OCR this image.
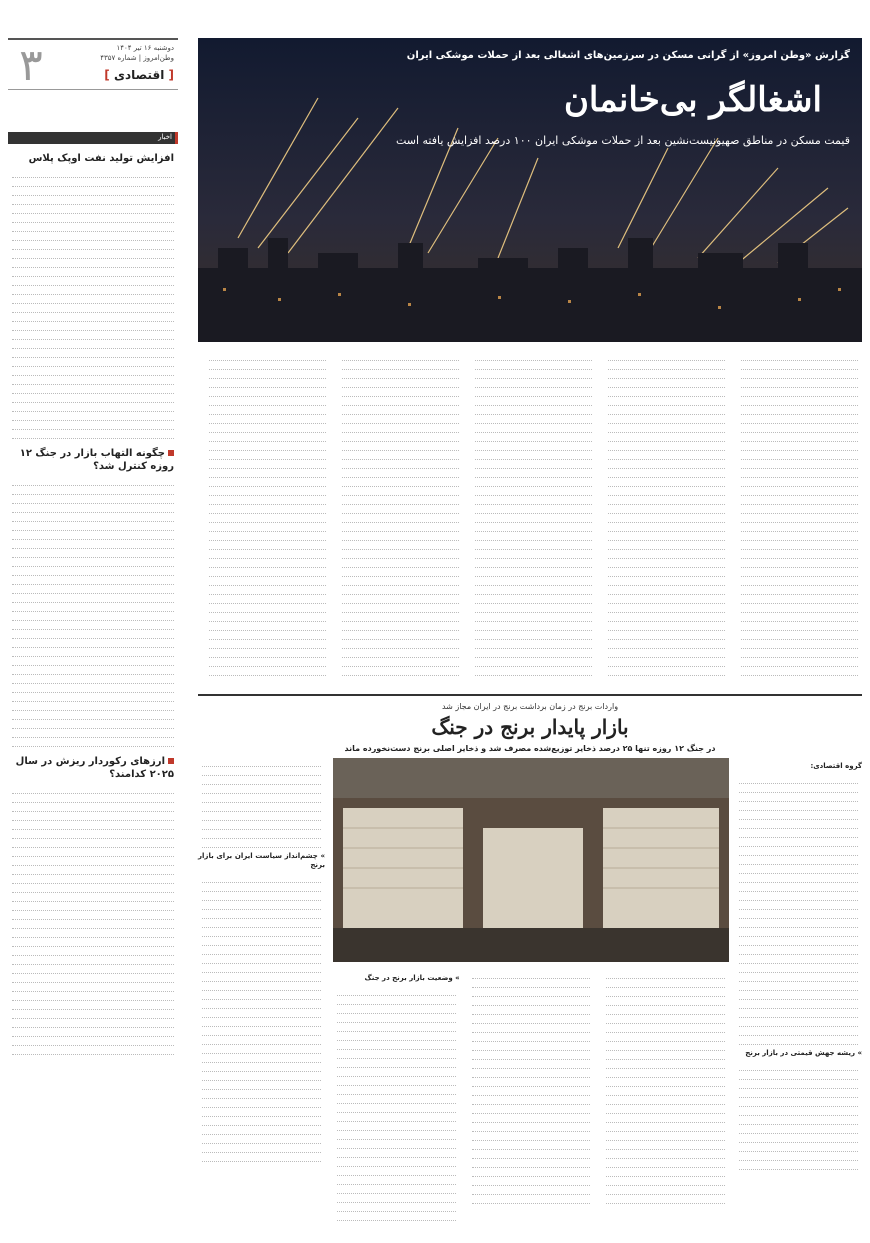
۳	دوشنبه ۱۶ تیر ۱۴۰۴
وطن‌امروز | شماره ۴۳۵۷
[ اقتصادی ]
اخبار
افزایش تولید نفت اوپک پلاس
چگونه التهاب بازار در جنگ ۱۲ روزه کنترل شد؟
ارزهای رکوردار ریزش در سال ۲۰۲۵ کدامند؟
گزارش «وطن امروز» از گرانی مسکن در سرزمین‌های اشغالی بعد از حملات موشکی ایران
اشغالگر بی‌خانمان
قیمت مسکن در مناطق صهیونیست‌نشین بعد از حملات موشکی ایران ۱۰۰ درصد افزایش یافته است
واردات برنج در زمان برداشت برنج در ایران مجاز شد
بازار پایدار برنج در جنگ
در جنگ ۱۲ روزه تنها ۲۵ درصد ذخایر توزیع‌شده مصرف شد و ذخایر اصلی برنج دست‌نخورده ماند
گروه اقتصادی:
» ریشه جهش قیمتی در بازار برنج
» چشم‌انداز سیاست ایران برای بازار برنج
» وضعیت بازار برنج در جنگ
